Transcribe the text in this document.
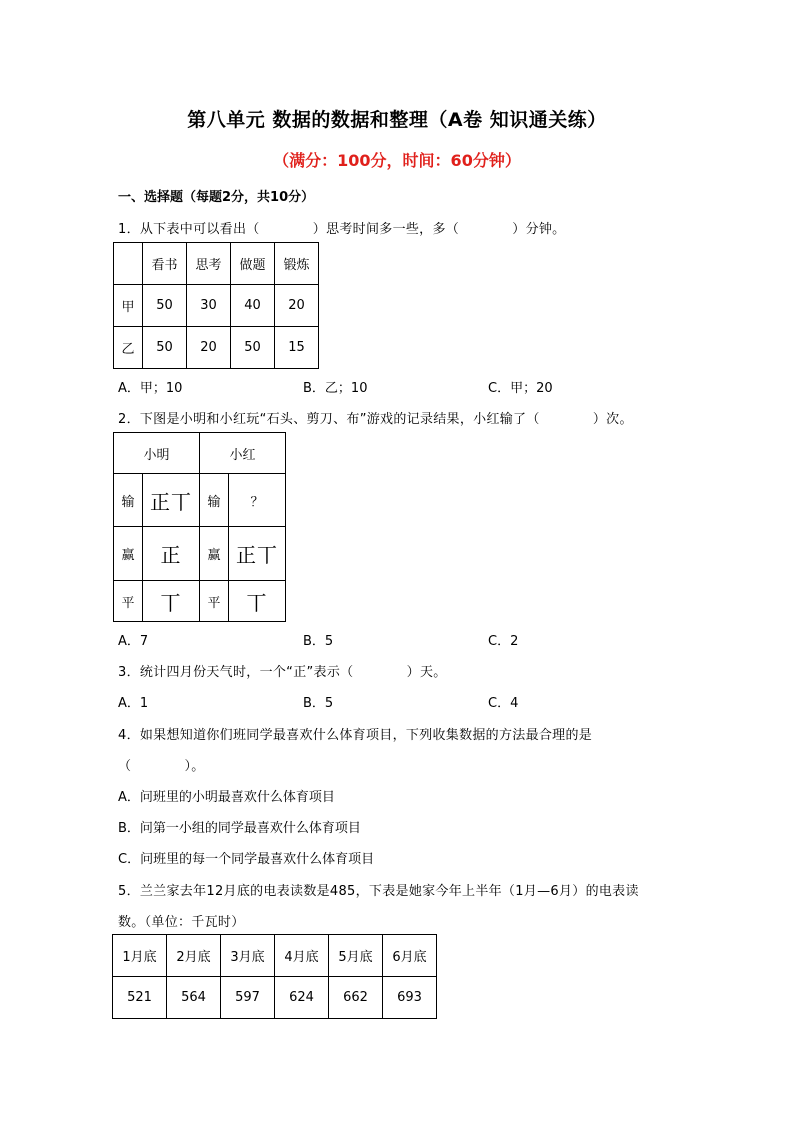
第八单元 数据的数据和整理（A卷 知识通关练）
（满分：100分，时间：60分钟）
一、选择题（每题2分，共10分）
1．从下表中可以看出（　　　　）思考时间多一些，多（　　　　）分钟。
	看书	思考	做题	锻炼
甲	50	30	40	20
乙	50	20	50	15
A．甲；10	B．乙；10	C．甲；20
2．下图是小明和小红玩“石头、剪刀、布”游戏的记录结果，小红输了（　　　　）次。
小明		小红	
输	正丅	输	？
赢	正	赢	正丅
平	丅	平	丅
A．7	B．5	C．2
3．统计四月份天气时，一个“正”表示（　　　　）天。
A．1	B．5	C．4
4．如果想知道你们班同学最喜欢什么体育项目，下列收集数据的方法最合理的是
（　　　　）。
A．问班里的小明最喜欢什么体育项目
B．问第一小组的同学最喜欢什么体育项目
C．问班里的每一个同学最喜欢什么体育项目
5．兰兰家去年12月底的电表读数是485，下表是她家今年上半年（1月—6月）的电表读
数。（单位：千瓦时）
1月底	2月底	3月底	4月底	5月底	6月底
521	564	597	624	662	693
